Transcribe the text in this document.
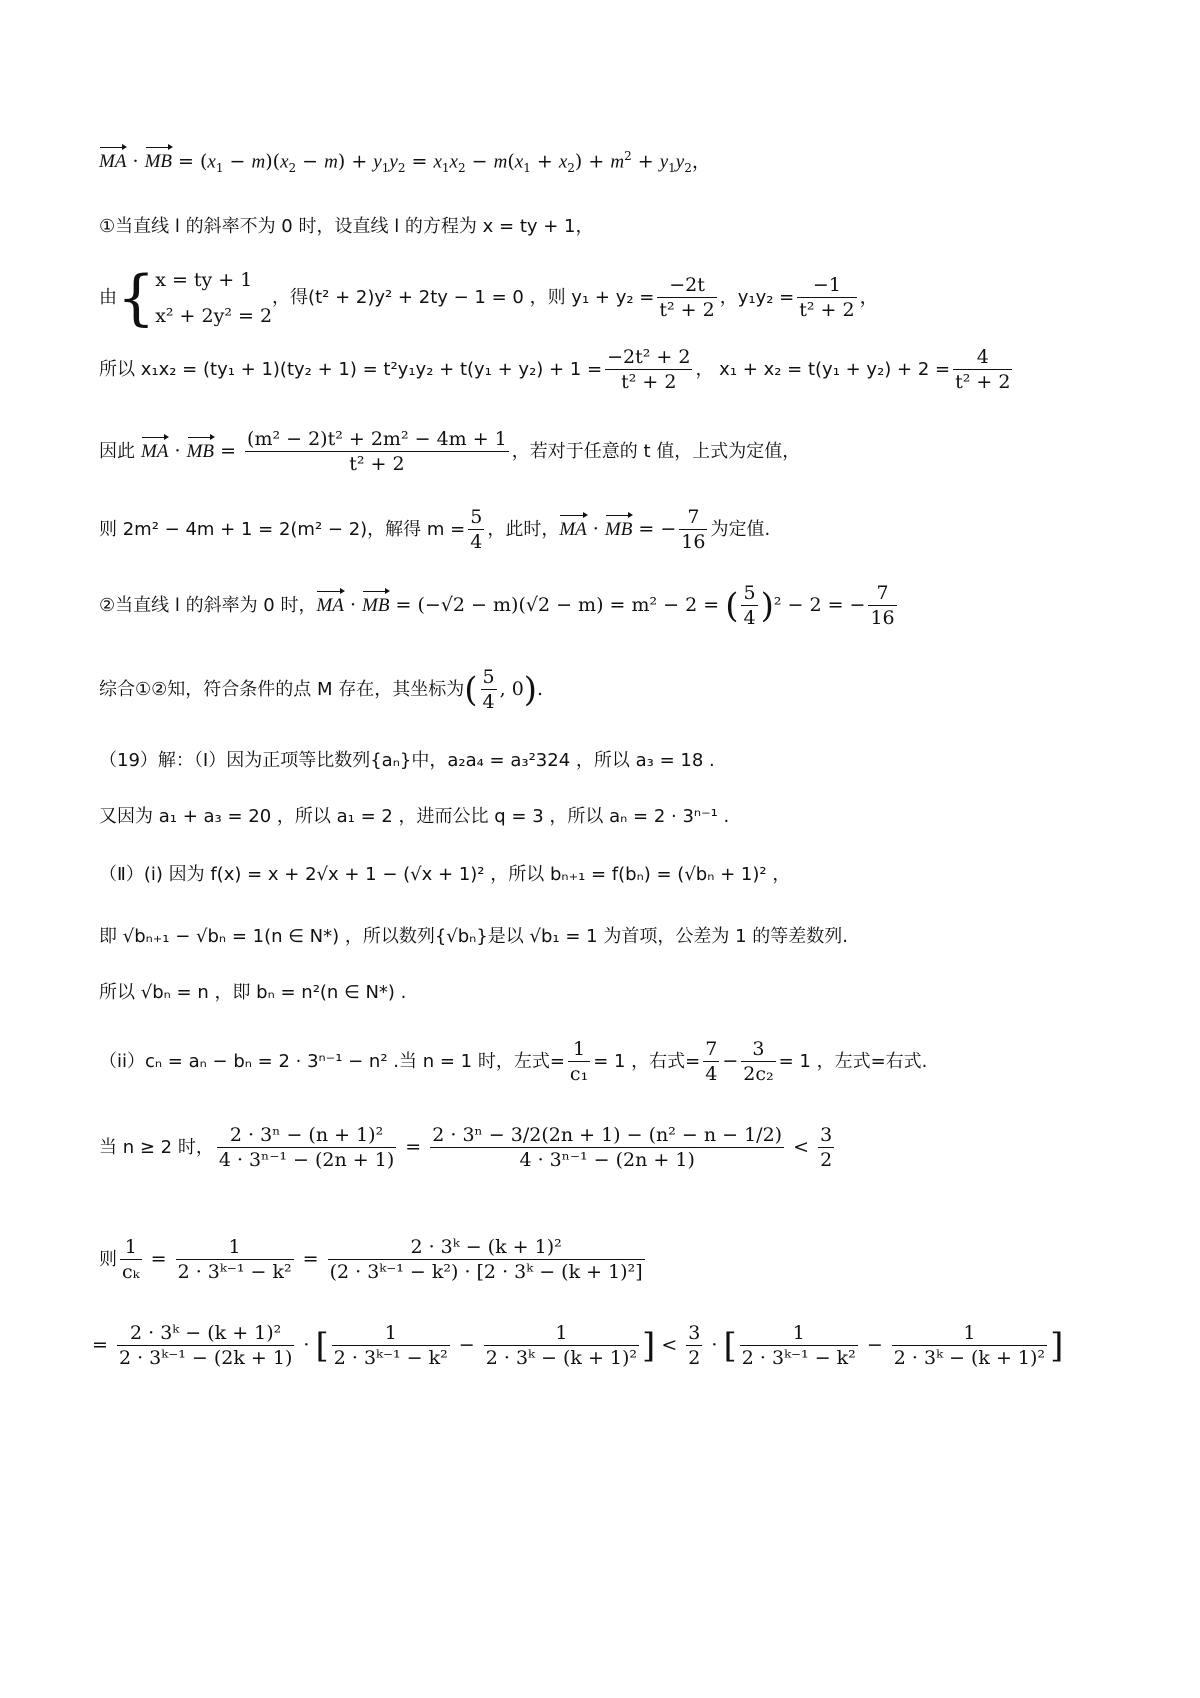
MA · MB = $(x_1 - m)(x_2 - m) + y_1y_2 = x_1x_2 - m(x_1 + x_2) + m^2 + y_1y_2$，
①当直线 l 的斜率不为 0 时，设直线 l 的方程为 x = ty + 1，
由{ x = ty + 1
x² + 2y² = 2
，得(t² + 2)y² + 2ty − 1 = 0 ，则 $y_1 + y_2 = \frac{-2t}{\text{t² + 2}}$ ，$y_1y_2 = \frac{-1}{\text{t² + 2}}$ ，
所以 $x_1x_2 = (ty_1 + 1)(ty_2 + 1) = t^2y_1y_2 + t(y_1 + y_2) + 1 = \frac{\text{−2t² + 2}}{\text{t² + 2}}$ ， $x_1 + x_2 = t(y_1 + y_2) + 2 = \frac{4}{\text{t² + 2}}$
因此 MA · MB = $\frac{\text{(m² − 2)t² + 2m² − 4m + 1}}{\text{t² + 2}}$ ，若对于任意的 t 值，上式为定值，
则 2m² − 4m + 1 = 2(m² − 2)，解得 $m = \frac{5}{4}$ ，此时，MA · MB = − $\frac{7}{16}$ 为定值.
②当直线 l 的斜率为 0 时，MA · MB = (−√2 − m)(√2 − m) = m² − 2 = ( $\frac{5}{4} )^2 - 2$ = − $\frac{7}{16}$
综合①②知，符合条件的点 M 存在，其坐标为( $\frac{5}{4}$ , 0).
（19）解：（Ⅰ）因为正项等比数列{aₙ}中，a₂a₄ = a₃²324 ，所以 a₃ = 18 .
又因为 a₁ + a₃ = 20 ，所以 a₁ = 2 ，进而公比 q = 3 ，所以 aₙ = 2 · 3ⁿ⁻¹ .
（Ⅱ）(i) 因为 f(x) = x + 2√x + 1 − (√x + 1)² ，所以 bₙ₊₁ = f(bₙ) = (√bₙ + 1)² ，
即 √bₙ₊₁ − √bₙ = 1(n ∈ N*) ，所以数列{√bₙ}是以 √b₁ = 1 为首项，公差为 1 的等差数列.
所以 √bₙ = n ，即 bₙ = n²(n ∈ N*) .
（ii）cₙ = aₙ − bₙ = 2 · 3ⁿ⁻¹ − n² .当 n = 1 时，左式= $\frac{1}{\text{c₁}} = 1$ ，右式= $\frac{7}{4} - \frac{3}{\text{2c₂}} = 1$ ，左式=右式.
当 n ≥ 2 时， $\frac{\text{2 · 3ⁿ − (n + 1)²}}{\text{4 · 3ⁿ⁻¹ − (2n + 1)}} = \frac{\text{2 · 3ⁿ − 3/2(2n + 1) − (n² − n − 1/2)}}{\text{4 · 3ⁿ⁻¹ − (2n + 1)}} < \frac{3}{2}$
则 $\frac{1}{\text{cₖ}} = \frac{1}{\text{2 · 3ᵏ⁻¹ − k²}} = \frac{\text{2 · 3ᵏ − (k + 1)²}}{\text{(2 · 3ᵏ⁻¹ − k²) · [2 · 3ᵏ − (k + 1)²]}}$
= $\frac{\text{2 · 3ᵏ − (k + 1)²}}{\text{2 · 3ᵏ⁻¹ − (2k + 1)}}$ · [ $\frac{1}{\text{2 · 3ᵏ⁻¹ − k²}} - \frac{1}{\text{2 · 3ᵏ − (k + 1)²}}$ ] < $\frac{3}{2}$ · [ $\frac{1}{\text{2 · 3ᵏ⁻¹ − k²}} - \frac{1}{\text{2 · 3ᵏ − (k + 1)²}}$ ]
